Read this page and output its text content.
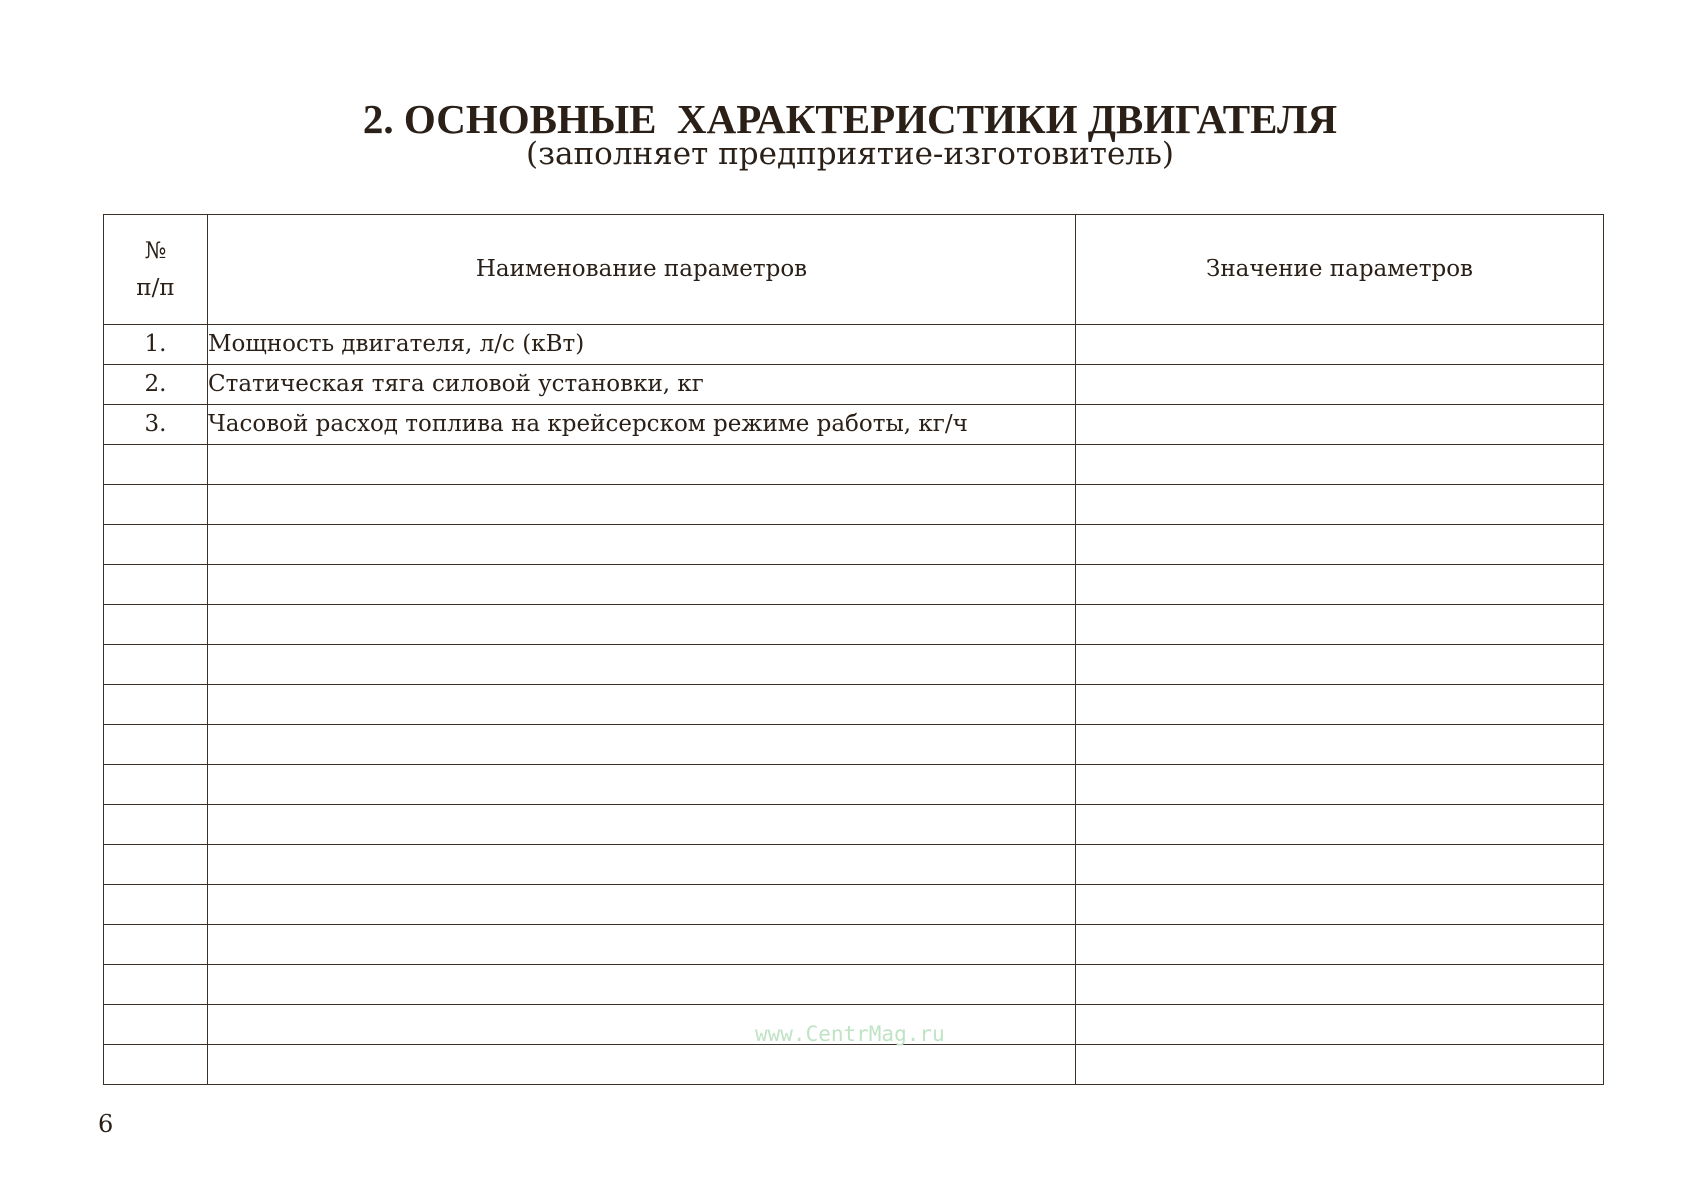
2. ОСНОВНЫЕ  ХАРАКТЕРИСТИКИ ДВИГАТЕЛЯ
(заполняет предприятие-изготовитель)
№
п/п	Наименование параметров	Значение параметров
1.	Мощность двигателя, л/с (кВт)	
2.	Статическая тяга силовой установки, кг	
3.	Часовой расход топлива на крейсерском режиме работы, кг/ч	

www.CentrMag.ru
6
